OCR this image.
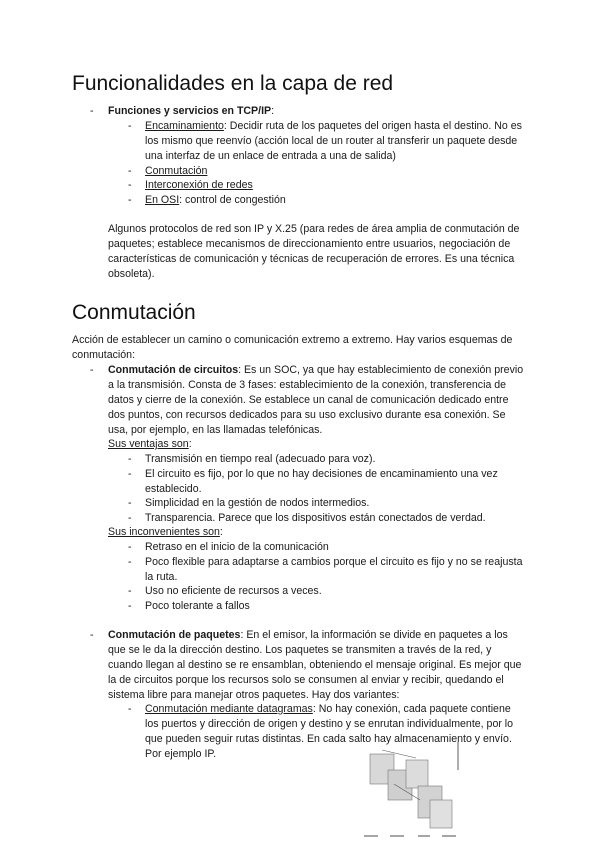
Funcionalidades en la capa de red
-	Funciones y servicios en TCP/IP:
-	Encaminamiento: Decidir ruta de los paquetes del origen hasta el destino. No es los mismo que reenvío (acción local de un router al transferir un paquete desde una interfaz de un enlace de entrada a una de salida)
-	Conmutación
-	Interconexión de redes
-	En OSI: control de congestión
Algunos protocolos de red son IP y X.25 (para redes de área amplia de conmutación de paquetes; establece mecanismos de direccionamiento entre usuarios, negociación de características de comunicación y técnicas de recuperación de errores. Es una técnica obsoleta).
Conmutación
Acción de establecer un camino o comunicación extremo a extremo. Hay varios esquemas de conmutación:
-	Conmutación de circuitos: Es un SOC, ya que hay establecimiento de conexión previo a la transmisión. Consta de 3 fases: establecimiento de la conexión, transferencia de datos y cierre de la conexión. Se establece un canal de comunicación dedicado entre dos puntos, con recursos dedicados para su uso exclusivo durante esa conexión. Se usa, por ejemplo, en las llamadas telefónicas.
Sus ventajas son:
-	Transmisión en tiempo real (adecuado para voz).
-	El circuito es fijo, por lo que no hay decisiones de encaminamiento una vez establecido.
-	Simplicidad en la gestión de nodos intermedios.
-	Transparencia. Parece que los dispositivos están conectados de verdad.
Sus inconvenientes son:
-	Retraso en el inicio de la comunicación
-	Poco flexible para adaptarse a cambios porque el circuito es fijo y no se reajusta la ruta.
-	Uso no eficiente de recursos a veces.
-	Poco tolerante a fallos
-	Conmutación de paquetes: En el emisor, la información se divide en paquetes a los que se le da la dirección destino. Los paquetes se transmiten a través de la red, y cuando llegan al destino se re ensamblan, obteniendo el mensaje original. Es mejor que la de circuitos porque los recursos solo se consumen al enviar y recibir, quedando el sistema libre para manejar otros paquetes. Hay dos variantes:
-	Conmutación mediante datagramas: No hay conexión, cada paquete contiene los puertos y dirección de origen y destino y se enrutan individualmente, por lo que pueden seguir rutas distintas. En cada salto hay almacenamiento y envío. Por ejemplo IP.
